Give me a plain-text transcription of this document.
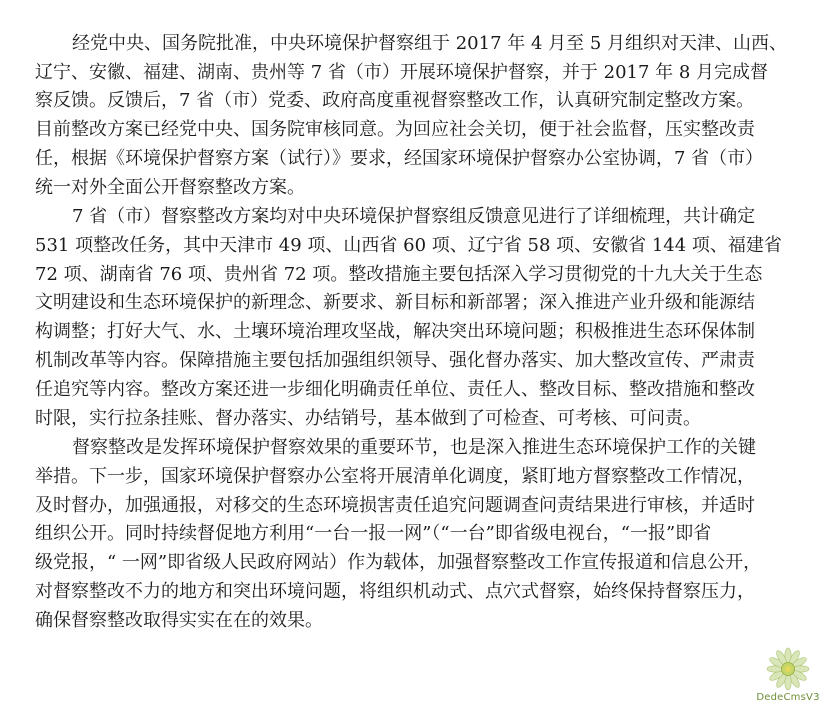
经党中央、国务院批准，中央环境保护督察组于 2017 年 4 月至 5 月组织对天津、山西、

辽宁、安徽、福建、湖南、贵州等 7 省（市）开展环境保护督察，并于 2017 年 8 月完成督

察反馈。反馈后，7 省（市）党委、政府高度重视督察整改工作，认真研究制定整改方案。

目前整改方案已经党中央、国务院审核同意。为回应社会关切，便于社会监督，压实整改责

任，根据《环境保护督察方案（试行）》要求，经国家环境保护督察办公室协调，7 省（市）

统一对外全面公开督察整改方案。

7 省（市）督察整改方案均对中央环境保护督察组反馈意见进行了详细梳理，共计确定

531 项整改任务，其中天津市 49 项、山西省 60 项、辽宁省 58 项、安徽省 144 项、福建省

72 项、湖南省 76 项、贵州省 72 项。整改措施主要包括深入学习贯彻党的十九大关于生态

文明建设和生态环境保护的新理念、新要求、新目标和新部署；深入推进产业升级和能源结

构调整；打好大气、水、土壤环境治理攻坚战，解决突出环境问题；积极推进生态环保体制

机制改革等内容。保障措施主要包括加强组织领导、强化督办落实、加大整改宣传、严肃责

任追究等内容。整改方案还进一步细化明确责任单位、责任人、整改目标、整改措施和整改

时限，实行拉条挂账、督办落实、办结销号，基本做到了可检查、可考核、可问责。

督察整改是发挥环境保护督察效果的重要环节，也是深入推进生态环境保护工作的关键

举措。下一步，国家环境保护督察办公室将开展清单化调度，紧盯地方督察整改工作情况，

及时督办，加强通报，对移交的生态环境损害责任追究问题调查问责结果进行审核，并适时

组织公开。同时持续督促地方利用“一台一报一网”（“一台”即省级电视台，“一报”即省

级党报，“ 一网”即省级人民政府网站）作为载体，加强督察整改工作宣传报道和信息公开，

对督察整改不力的地方和突出环境问题，将组织机动式、点穴式督察，始终保持督察压力，

确保督察整改取得实实在在的效果。

DedeCmsV3
